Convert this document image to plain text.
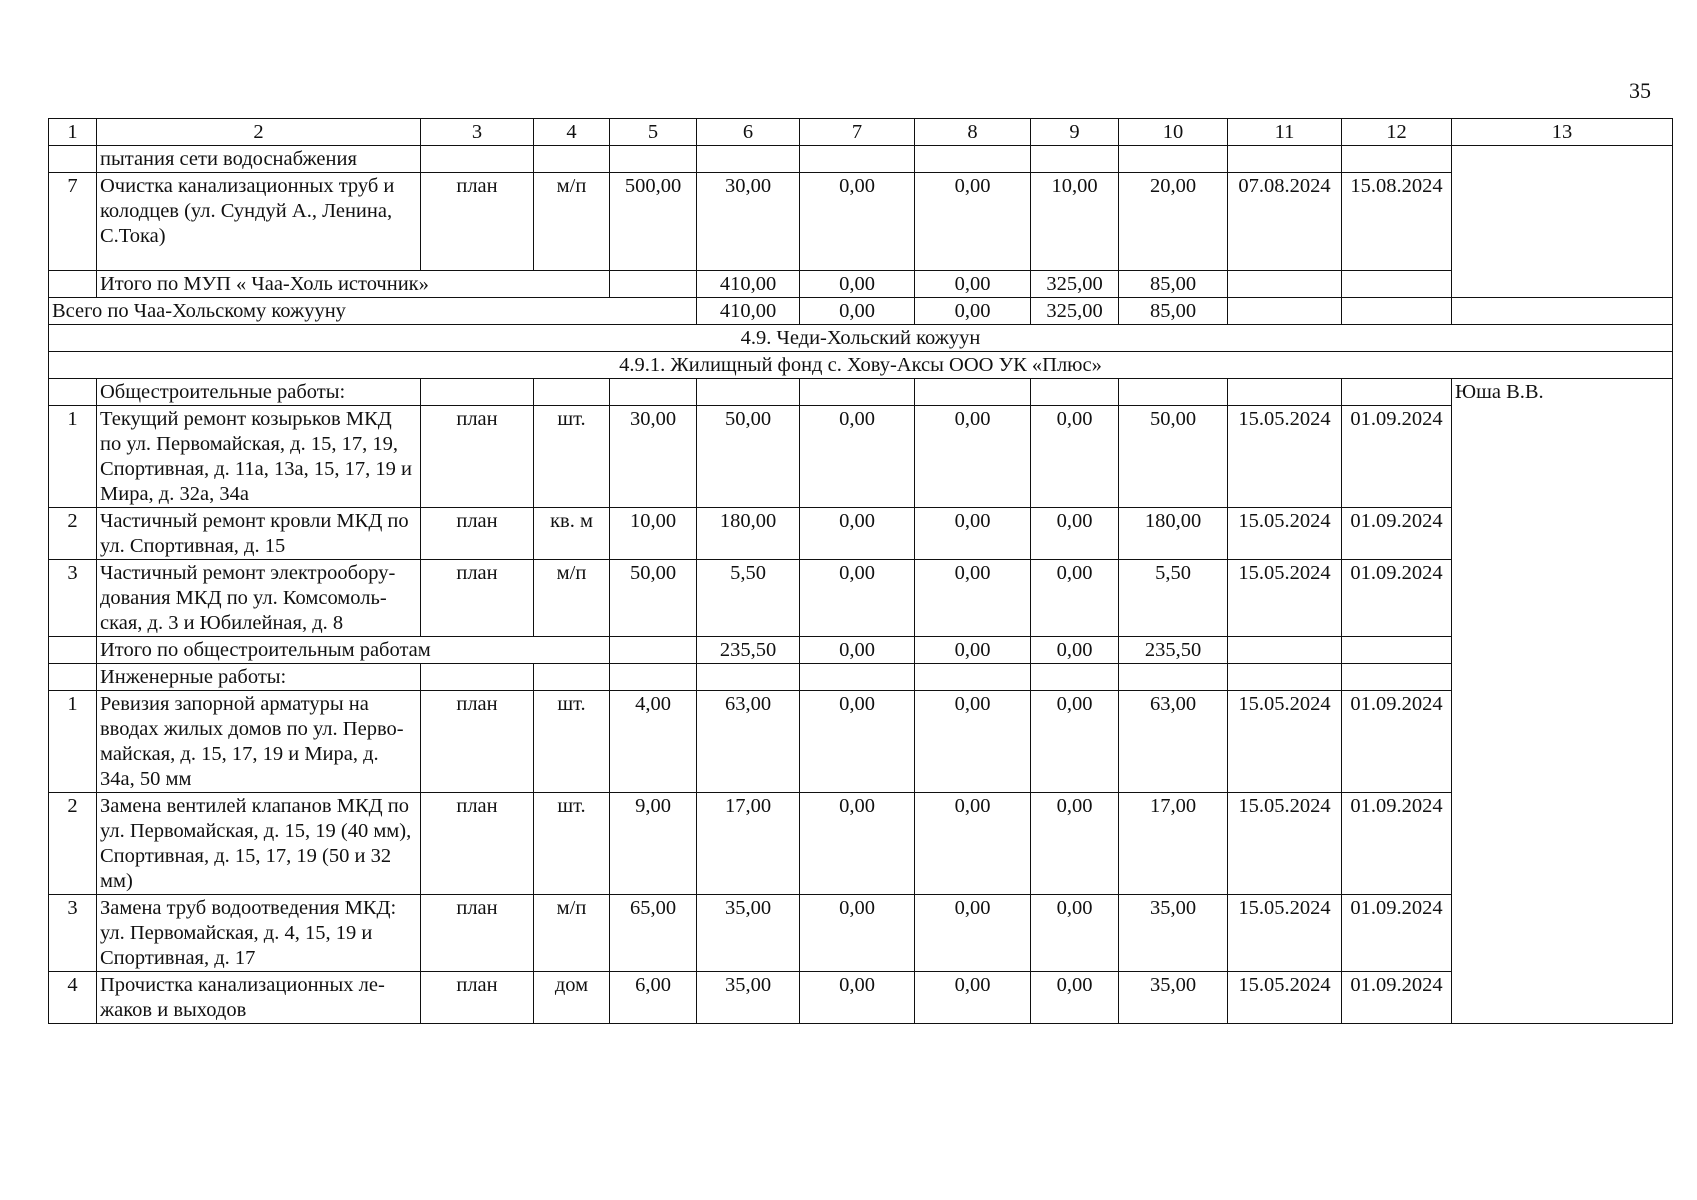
35
1	2	3	4	5	6	7	8	9	10	11	12	13
	пытания сети водоснабжения											
7	Очистка канализационных труб и колодцев (ул. Сундуй А., Ленина, С.Тока)	план	м/п	500,00	30,00	0,00	0,00	10,00	20,00	07.08.2024	15.08.2024	
	Итого по МУП « Чаа-Холь источник»				410,00	0,00	0,00	325,00	85,00			
Всего по Чаа-Хольскому кожууну					410,00	0,00	0,00	325,00	85,00			
4.9. Чеди-Хольский кожуун												
4.9.1. Жилищный фонд с. Хову-Аксы ООО УК «Плюс»												
	Общестроительные работы:											Юша В.В.
1	Текущий ремонт козырьков МКД по ул. Первомайская, д. 15, 17, 19, Спортивная, д. 11а, 13а, 15, 17, 19 и Мира, д. 32а, 34а	план	шт.	30,00	50,00	0,00	0,00	0,00	50,00	15.05.2024	01.09.2024	
2	Частичный ремонт кровли МКД по ул. Спортивная, д. 15	план	кв. м	10,00	180,00	0,00	0,00	0,00	180,00	15.05.2024	01.09.2024	
3	Частичный ремонт электрообору-дования МКД по ул. Комсомоль-ская, д. 3 и Юбилейная, д. 8	план	м/п	50,00	5,50	0,00	0,00	0,00	5,50	15.05.2024	01.09.2024	
	Итого по общестроительным работам				235,50	0,00	0,00	0,00	235,50			
	Инженерные работы:											
1	Ревизия запорной арматуры на вводах жилых домов по ул. Перво-майская, д. 15, 17, 19 и Мира, д. 34а, 50 мм	план	шт.	4,00	63,00	0,00	0,00	0,00	63,00	15.05.2024	01.09.2024	
2	Замена вентилей клапанов МКД по ул. Первомайская, д. 15, 19 (40 мм), Спортивная, д. 15, 17, 19 (50 и 32 мм)	план	шт.	9,00	17,00	0,00	0,00	0,00	17,00	15.05.2024	01.09.2024	
3	Замена труб водоотведения МКД: ул. Первомайская, д. 4, 15, 19 и Спортивная, д. 17	план	м/п	65,00	35,00	0,00	0,00	0,00	35,00	15.05.2024	01.09.2024	
4	Прочистка канализационных ле-жаков и выходов	план	дом	6,00	35,00	0,00	0,00	0,00	35,00	15.05.2024	01.09.2024	
